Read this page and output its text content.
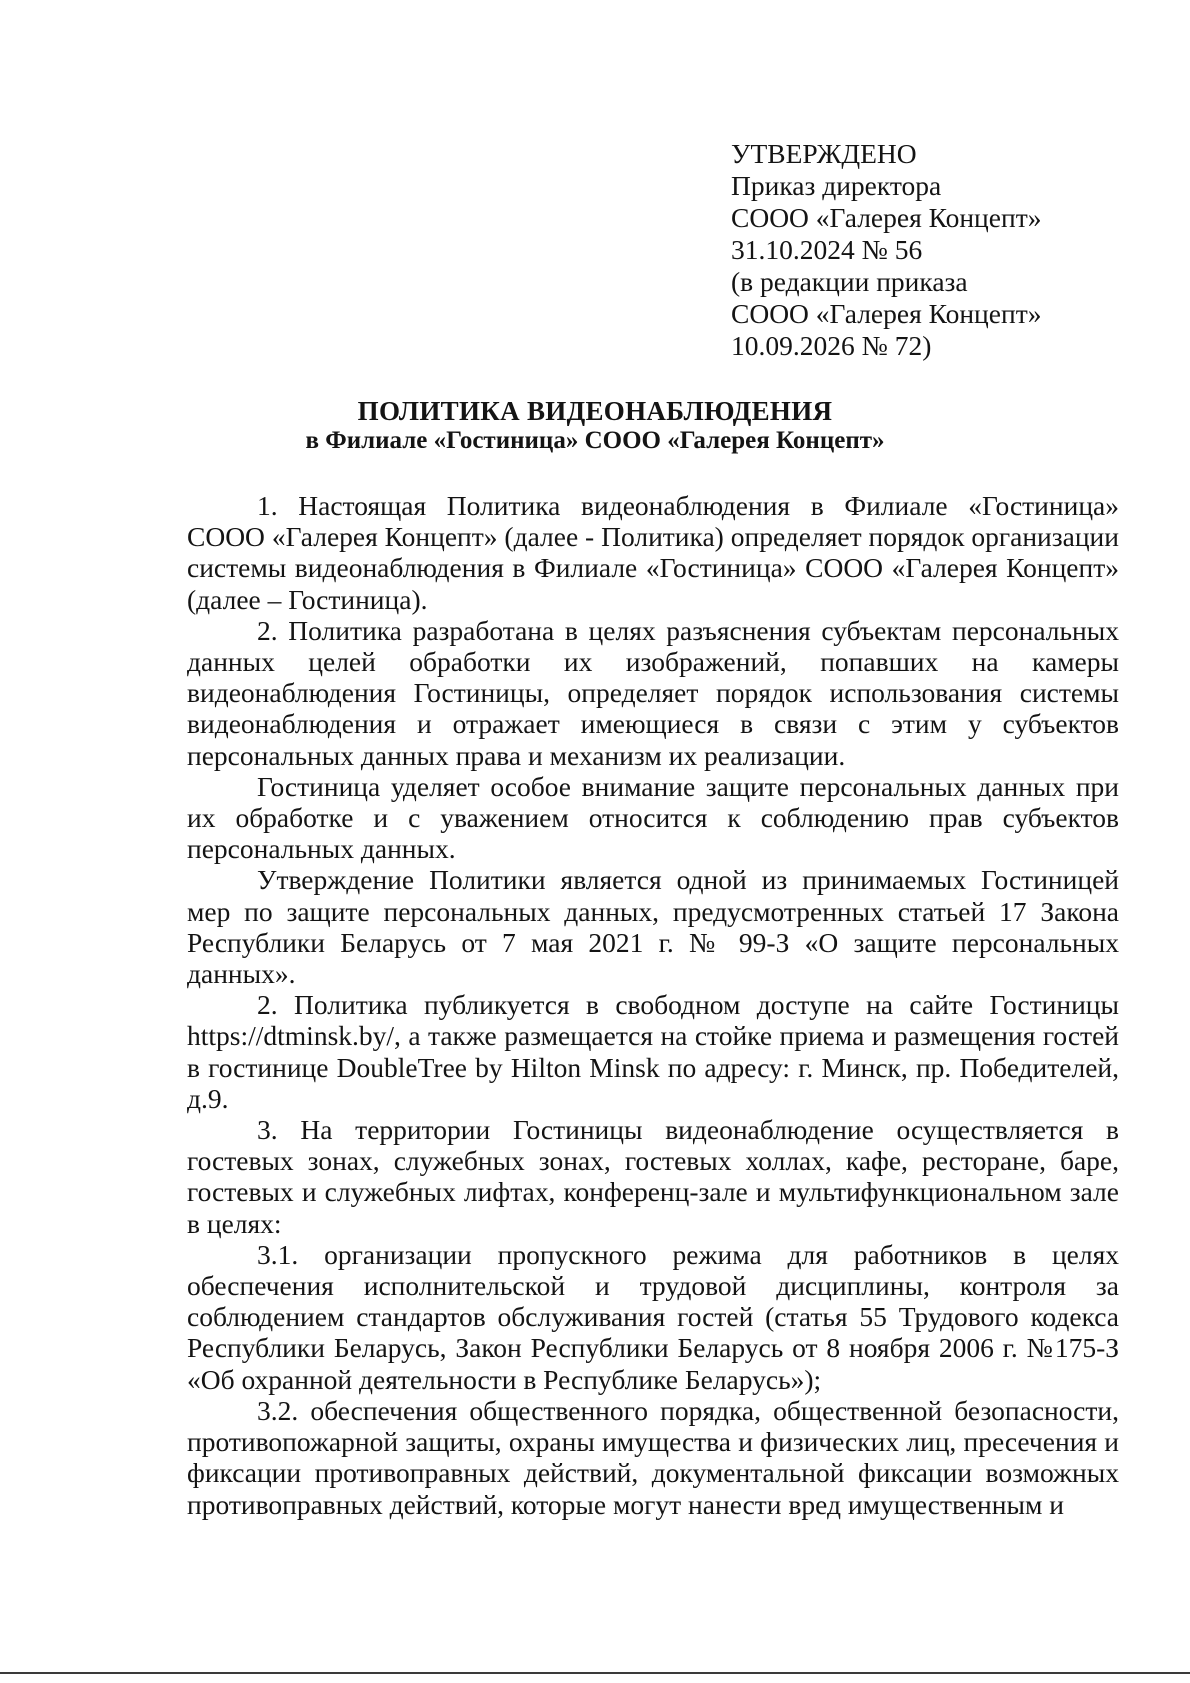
УТВЕРЖДЕНО
Приказ директора
СООО «Галерея Концепт»
31.10.2024 № 56
(в редакции приказа
СООО «Галерея Концепт»
10.09.2026 № 72)
ПОЛИТИКА ВИДЕОНАБЛЮДЕНИЯ
в Филиале «Гостиница» СООО «Галерея Концепт»

1. Настоящая Политика видеонаблюдения в Филиале «Гостиница» СООО «Галерея Концепт» (далее - Политика) определяет порядок организации системы видеонаблюдения в Филиале «Гостиница» СООО «Галерея Концепт» (далее – Гостиница).

2. Политика разработана в целях разъяснения субъектам персональных данных целей обработки их изображений, попавших на камеры видеонаблюдения Гостиницы, определяет порядок использования системы видеонаблюдения и отражает имеющиеся в связи с этим у субъектов персональных данных права и механизм их реализации.

Гостиница уделяет особое внимание защите персональных данных при их обработке и с уважением относится к соблюдению прав субъектов персональных данных.

Утверждение Политики является одной из принимаемых Гостиницей мер по защите персональных данных, предусмотренных статьей 17 Закона Республики Беларусь от 7 мая 2021 г. № 99-З «О защите персональных данных».

2. Политика публикуется в свободном доступе на сайте Гостиницы https://dtminsk.by/, а также размещается на стойке приема и размещения гостей в гостинице DoubleTree by Hilton Minsk по адресу: г. Минск, пр. Победителей, д.9.

3. На территории Гостиницы видеонаблюдение осуществляется в гостевых зонах, служебных зонах, гостевых холлах, кафе, ресторане, баре, гостевых и служебных лифтах, конференц-зале и мультифункциональном зале в целях:

3.1. организации пропускного режима для работников в целях обеспечения исполнительской и трудовой дисциплины, контроля за соблюдением стандартов обслуживания гостей (статья 55 Трудового кодекса Республики Беларусь, Закон Республики Беларусь от 8 ноября 2006 г. №175-З «Об охранной деятельности в Республике Беларусь»);

3.2. обеспечения общественного порядка, общественной безопасности, противопожарной защиты, охраны имущества и физических лиц, пресечения и фиксации противоправных действий, документальной фиксации возможных противоправных действий, которые могут нанести вред имущественным и
